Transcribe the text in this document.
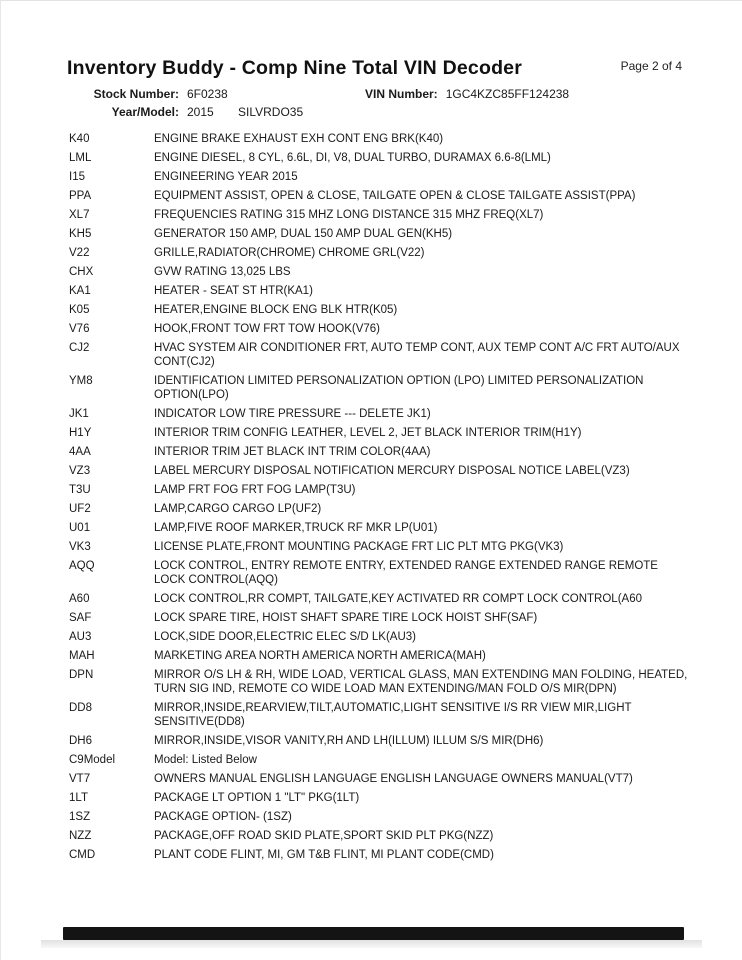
Inventory Buddy - Comp Nine Total VIN Decoder	Page 2 of 4
Stock Number: 6F0238	VIN Number: 1GC4KZC85FF124238
Year/Model: 2015	SILVRDO35
K40	ENGINE BRAKE EXHAUST EXH CONT ENG BRK(K40)
LML	ENGINE DIESEL, 8 CYL, 6.6L, DI, V8, DUAL TURBO, DURAMAX 6.6-8(LML)
I15	ENGINEERING YEAR 2015
PPA	EQUIPMENT ASSIST, OPEN & CLOSE, TAILGATE OPEN & CLOSE TAILGATE ASSIST(PPA)
XL7	FREQUENCIES RATING 315 MHZ LONG DISTANCE 315 MHZ FREQ(XL7)
KH5	GENERATOR 150 AMP, DUAL 150 AMP DUAL GEN(KH5)
V22	GRILLE,RADIATOR(CHROME) CHROME GRL(V22)
CHX	GVW RATING 13,025 LBS
KA1	HEATER - SEAT ST HTR(KA1)
K05	HEATER,ENGINE BLOCK ENG BLK HTR(K05)
V76	HOOK,FRONT TOW FRT TOW HOOK(V76)
CJ2	HVAC SYSTEM AIR CONDITIONER FRT, AUTO TEMP CONT, AUX TEMP CONT A/C FRT AUTO/AUX CONT(CJ2)
YM8	IDENTIFICATION LIMITED PERSONALIZATION OPTION (LPO) LIMITED PERSONALIZATION OPTION(LPO)
JK1	INDICATOR LOW TIRE PRESSURE --- DELETE JK1)
H1Y	INTERIOR TRIM CONFIG LEATHER, LEVEL 2, JET BLACK INTERIOR TRIM(H1Y)
4AA	INTERIOR TRIM JET BLACK INT TRIM COLOR(4AA)
VZ3	LABEL MERCURY DISPOSAL NOTIFICATION MERCURY DISPOSAL NOTICE LABEL(VZ3)
T3U	LAMP FRT FOG FRT FOG LAMP(T3U)
UF2	LAMP,CARGO CARGO LP(UF2)
U01	LAMP,FIVE ROOF MARKER,TRUCK RF MKR LP(U01)
VK3	LICENSE PLATE,FRONT MOUNTING PACKAGE FRT LIC PLT MTG PKG(VK3)
AQQ	LOCK CONTROL, ENTRY REMOTE ENTRY, EXTENDED RANGE EXTENDED RANGE REMOTE LOCK CONTROL(AQQ)
A60	LOCK CONTROL,RR COMPT, TAILGATE,KEY ACTIVATED RR COMPT LOCK CONTROL(A60
SAF	LOCK SPARE TIRE, HOIST SHAFT SPARE TIRE LOCK HOIST SHF(SAF)
AU3	LOCK,SIDE DOOR,ELECTRIC ELEC S/D LK(AU3)
MAH	MARKETING AREA NORTH AMERICA NORTH AMERICA(MAH)
DPN	MIRROR O/S LH & RH, WIDE LOAD, VERTICAL GLASS, MAN EXTENDING MAN FOLDING, HEATED, TURN SIG IND, REMOTE CO WIDE LOAD MAN EXTENDING/MAN FOLD O/S MIR(DPN)
DD8	MIRROR,INSIDE,REARVIEW,TILT,AUTOMATIC,LIGHT SENSITIVE I/S RR VIEW MIR,LIGHT SENSITIVE(DD8)
DH6	MIRROR,INSIDE,VISOR VANITY,RH AND LH(ILLUM) ILLUM S/S MIR(DH6)
C9Model	Model: Listed Below
VT7	OWNERS MANUAL ENGLISH LANGUAGE ENGLISH LANGUAGE OWNERS MANUAL(VT7)
1LT	PACKAGE LT OPTION 1 "LT" PKG(1LT)
1SZ	PACKAGE OPTION- (1SZ)
NZZ	PACKAGE,OFF ROAD SKID PLATE,SPORT SKID PLT PKG(NZZ)
CMD	PLANT CODE FLINT, MI, GM T&B FLINT, MI PLANT CODE(CMD)
